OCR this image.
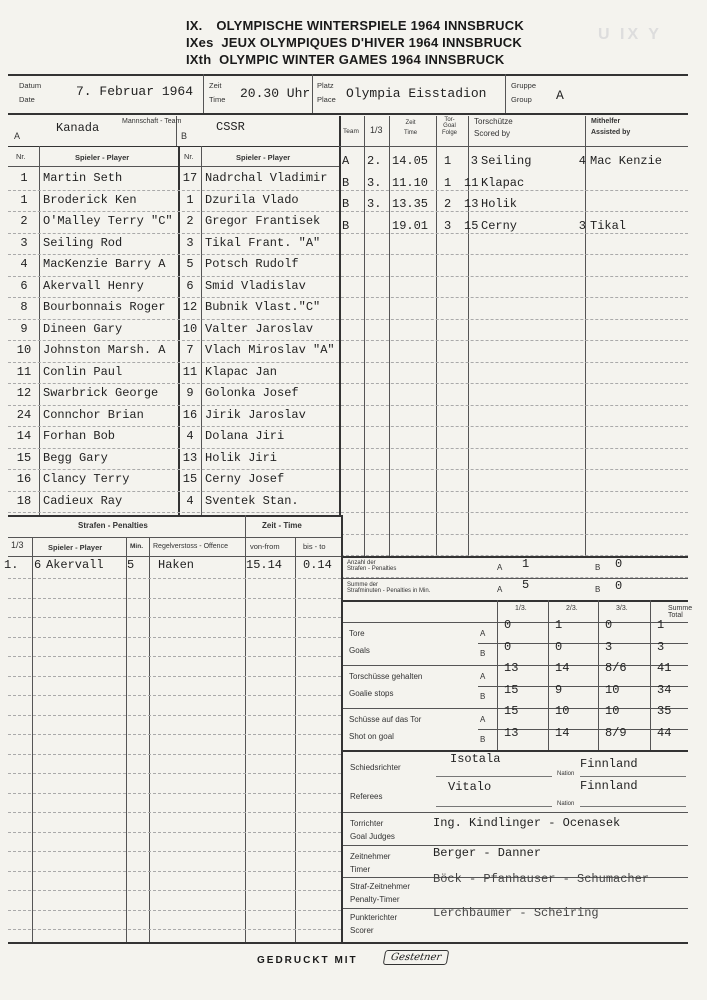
IX. OLYMPISCHE WINTERSPIELE 1964 INNSBRUCK
IXes JEUX OLYMPIQUES D'HIVER 1964 INNSBRUCK
IXth OLYMPIC WINTER GAMES 1964 INNSBRUCK
U IX Y
Datum
Date
7. Februar 1964 Zeit
Time 20.30 Uhr
Platz
Place Olympia Eisstadion
Gruppe
Group	A
A
Kanada	Mannschaft - Team
B
CSSR
Nr.	Spieler - Player	Nr.	Spieler - Player
1	Martin Seth	17 Nadrchal Vladimir
1	Broderick Ken	1 Dzurila Vlado
2	O'Malley Terry "C"	2 Gregor Frantisek
3	Seiling Rod	3 Tikal Frant. "A"
4	MacKenzie Barry A	5 Potsch Rudolf
6	Akervall Henry	6 Smid Vladislav
8	Bourbonnais Roger	12 Bubnik Vlast."C"
9	Dineen Gary	10 Valter Jaroslav
10 Johnston Marsh. A	7 Vlach Miroslav "A"
11 Conlin Paul	11 Klapac Jan
12 Swarbrick George	9 Golonka Josef
24 Connchor Brian	16 Jirik Jaroslav
14 Forhan Bob	4 Dolana Jiri
15 Begg Gary	13 Holik Jiri
16 Clancy Terry	15 Cerny Josef
18 Cadieux Ray	4 Sventek Stan.
Team 1/3
Zeit
Time
Tor-
Goal
Folge
Torschütze
Scored by
Mithelfer
Assisted by
A 2. 14.05 1	3 Seiling	4 Mac Kenzie
B 3. 11.10 1 11 Klapac
B 3. 13.35 2 13 Holik
B	19.01 3 15 Cerny	3 Tikal
Strafen - Penalties	Zeit - Time
1/3	Spieler - Player	Min. Regelverstoss - Offence	von-from	bis - to
1. 6 Akervall 5 Haken	15.14 0.14	Anzahl der
Strafen - Penalties	A 1	B 0
Summe der
Strafminuten - Penalties in Min.	A 5	B 0
1/3.	2/3.	3/3.	Summe Total
Tore
Goals
A
B
0	1	0	1
0	0	3	3
Torschüsse gehalten
Goalie stops
A
B
13	14	8/6	41
15	9	10	34
Schüsse auf das Tor
Shot on goal
A
B
15	10	10	35
13	14	8/9	44
Schiedsrichter
Referees
Isotala	Finnland
Nation
Vitalo	Finnland
Nation
Torrichter
Goal Judges
Ing. Kindlinger - Ocenasek
Zeitnehmer
Timer
Berger - Danner
Straf-Zeitnehmer
Penalty-Timer
Böck - Pfanhauser - Schumacher
Punkterichter
Scorer
Lerchbaumer - Scheiring
GEDRUCKT MIT	Gestetner
